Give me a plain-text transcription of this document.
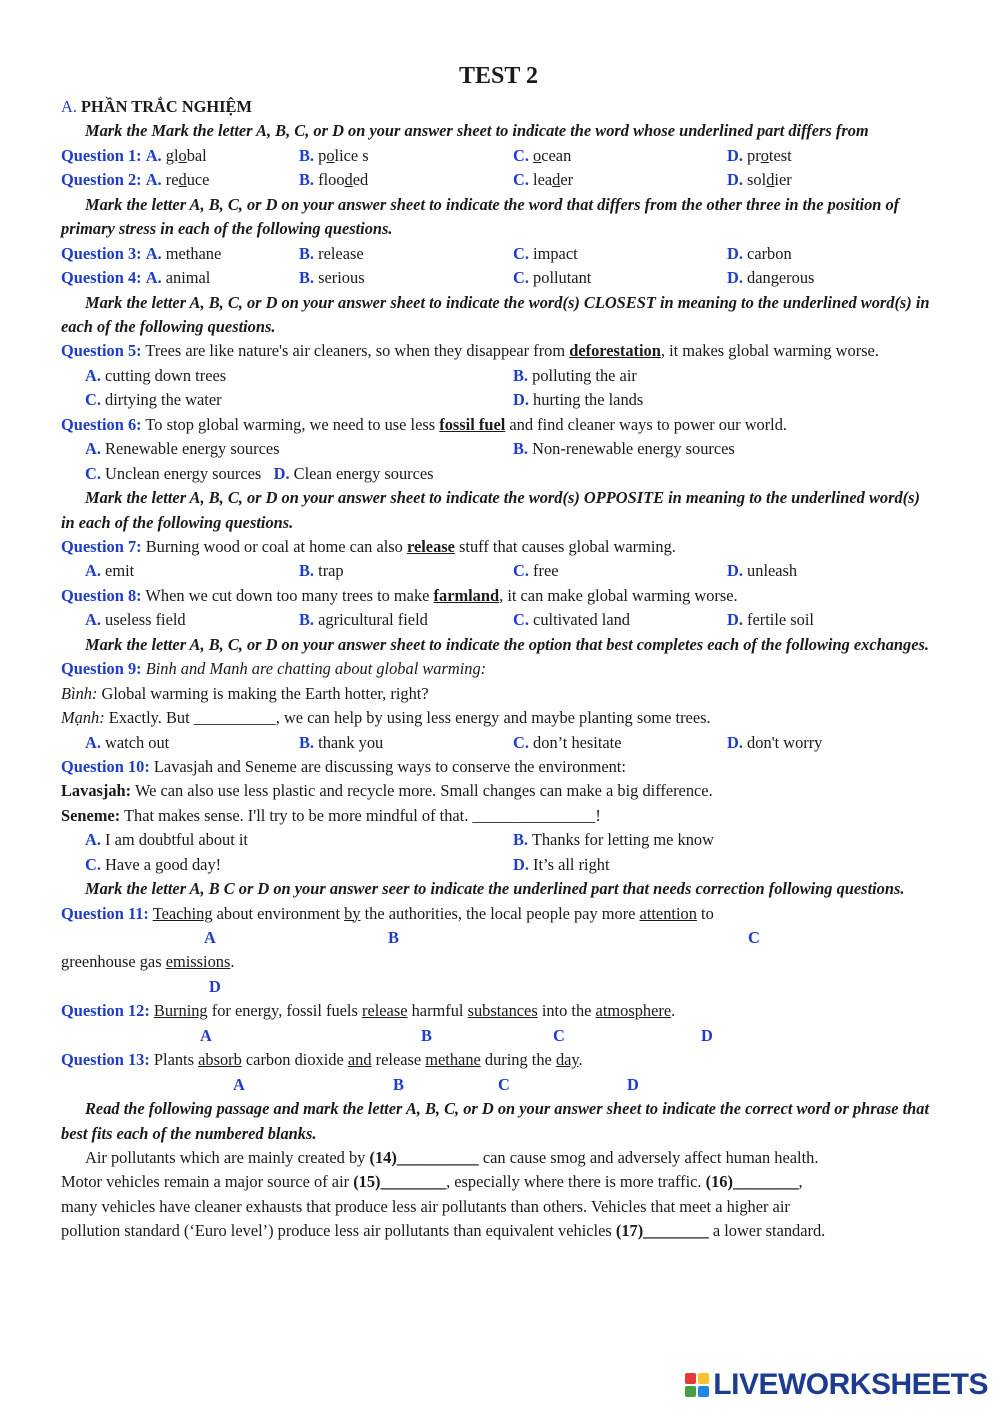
TEST 2
A. PHẦN TRẮC NGHIỆM
Mark the Mark the letter A, B, C, or D on your answer sheet to indicate the word whose underlined part differs from
Question 1: A. global	B. police s	C. ocean	D. protest
Question 2: A. reduce	B. flooded	C. leader	D. soldier
Mark the letter A, B, C, or D on your answer sheet to indicate the word that differs from the other three in the position of primary stress in each of the following questions.
Question 3: A. methane	B. release	C. impact	D. carbon
Question 4: A. animal	B. serious	C. pollutant	D. dangerous
Mark the letter A, B, C, or D on your answer sheet to indicate the word(s) CLOSEST in meaning to the underlined word(s) in each of the following questions.
Question 5: Trees are like nature's air cleaners, so when they disappear from deforestation, it makes global warming worse.
A. cutting down trees	B. polluting the air
C. dirtying the water	D. hurting the lands
Question 6: To stop global warming, we need to use less fossil fuel and find cleaner ways to power our world.
A. Renewable energy sources	B. Non-renewable energy sources
C. Unclean energy sources D. Clean energy sources
Mark the letter A, B, C, or D on your answer sheet to indicate the word(s) OPPOSITE in meaning to the underlined word(s) in each of the following questions.
Question 7: Burning wood or coal at home can also release stuff that causes global warming.
A. emit	B. trap	C. free	D. unleash
Question 8: When we cut down too many trees to make farmland, it can make global warming worse.
A. useless field	B. agricultural field	C. cultivated land	D. fertile soil
Mark the letter A, B, C, or D on your answer sheet to indicate the option that best completes each of the following exchanges.
Question 9: Binh and Manh are chatting about global warming:
Bình: Global warming is making the Earth hotter, right?
Mạnh: Exactly. But __________, we can help by using less energy and maybe planting some trees.
A. watch out	B. thank you	C. don’t hesitate	D. don't worry
Question 10: Lavasjah and Seneme are discussing ways to conserve the environment:
Lavasjah: We can also use less plastic and recycle more. Small changes can make a big difference.
Seneme: That makes sense. I'll try to be more mindful of that. _______________!
A. I am doubtful about it	B. Thanks for letting me know
C. Have a good day!	D. It’s all right
Mark the letter A, B C or D on your answer seer to indicate the underlined part that needs correction following questions.
Question 11: Teaching about environment by the authorities, the local people pay more attention to
A	B	C
greenhouse gas emissions.
D
Question 12: Burning for energy, fossil fuels release harmful substances into the atmosphere.
A	B	C	D
Question 13: Plants absorb carbon dioxide and release methane during the day.
A	B	C	D
Read the following passage and mark the letter A, B, C, or D on your answer sheet to indicate the correct word or phrase that best fits each of the numbered blanks.
Air pollutants which are mainly created by (14)__________ can cause smog and adversely affect human health.
Motor vehicles remain a major source of air (15)________, especially where there is more traffic. (16)________,
many vehicles have cleaner exhausts that produce less air pollutants than others. Vehicles that meet a higher air
pollution standard (‘Euro level’) produce less air pollutants than equivalent vehicles (17)________ a lower standard.
LIVEWORKSHEETS
